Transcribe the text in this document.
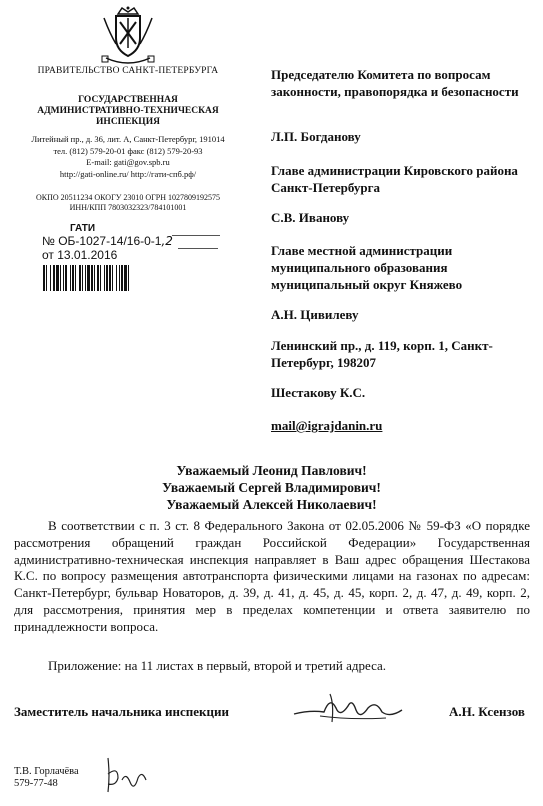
ПРАВИТЕЛЬСТВО САНКТ-ПЕТЕРБУРГА
ГОСУДАРСТВЕННАЯ
АДМИНИСТРАТИВНО-ТЕХНИЧЕСКАЯ
ИНСПЕКЦИЯ
Литейный пр., д. 36, лит. А, Санкт-Петербург, 191014
тел. (812) 579-20-01 факс (812) 579-20-93
E-mail: gati@gov.spb.ru
http://gati-online.ru/ http://гати-спб.рф/
ОКПО 20511234 ОКОГУ 23010 ОГРН 1027809192575
ИНН/КПП 7803032323/784101001
ГАТИ
№ ОБ-1027-14/16-0-1,2
от 13.01.2016
Председателю Комитета по вопросам законности, правопорядка и безопасности
Л.П. Богданову
Главе администрации Кировского района Санкт-Петербурга
С.В. Иванову
Главе местной администрации муниципального образования муниципальный округ Княжево
А.Н. Цивилеву
Ленинский пр., д. 119, корп. 1, Санкт-Петербург, 198207
Шестакову К.С.
mail@igrajdanin.ru
Уважаемый Леонид Павлович!
Уважаемый Сергей Владимирович!
Уважаемый Алексей Николаевич!
В соответствии с п. 3 ст. 8 Федерального Закона от 02.05.2006 № 59-ФЗ «О порядке рассмотрения обращений граждан Российской Федерации» Государственная административно-техническая инспекция направляет в Ваш адрес обращения Шестакова К.С. по вопросу размещения автотранспорта физическими лицами на газонах по адресам: Санкт-Петербург, бульвар Новаторов, д. 39, д. 41, д. 45, д. 45, корп. 2, д. 47, д. 49, корп. 2, для рассмотрения, принятия мер в пределах компетенции и ответа заявителю по принадлежности вопроса.
Приложение: на 11 листах в первый, второй и третий адреса.
Заместитель начальника инспекции	А.Н. Ксензов
Т.В. Горлачёва
579-77-48
